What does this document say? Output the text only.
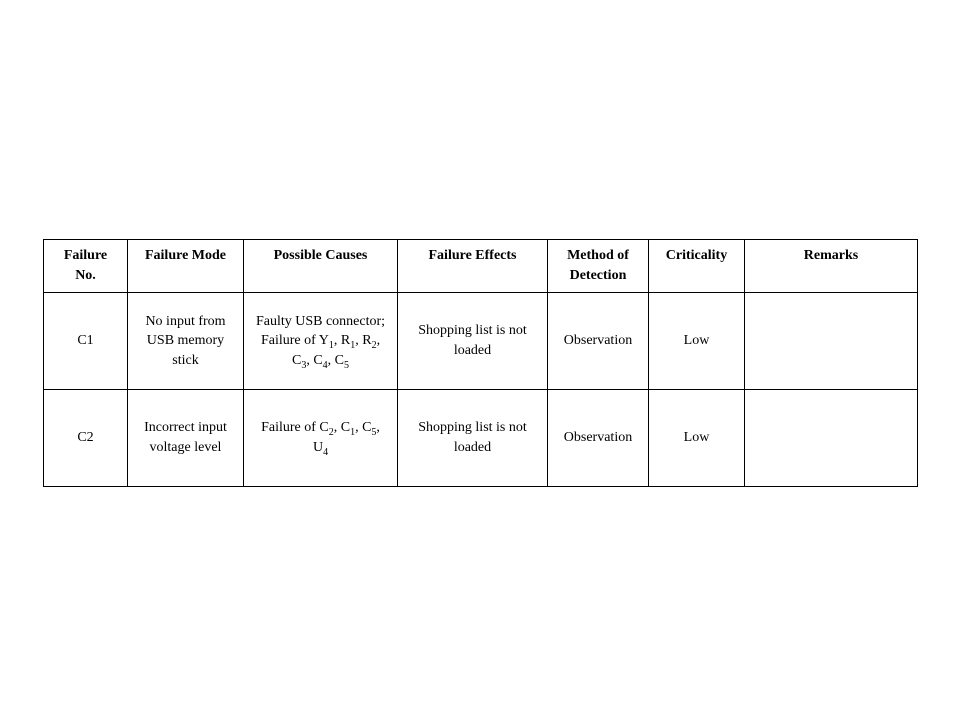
Failure No.	Failure Mode	Possible Causes	Failure Effects	Method of Detection	Criticality	Remarks
C1	No input from USB memory stick	Faulty USB connector; Failure of $Y_1$, $R_1$, $R_2$, $C_3$, $C_4$, $C_5$	Shopping list is not loaded	Observation	Low	
C2	Incorrect input voltage level	Failure of $C_2$, $C_1$, $C_5$, $U_4$	Shopping list is not loaded	Observation	Low	
